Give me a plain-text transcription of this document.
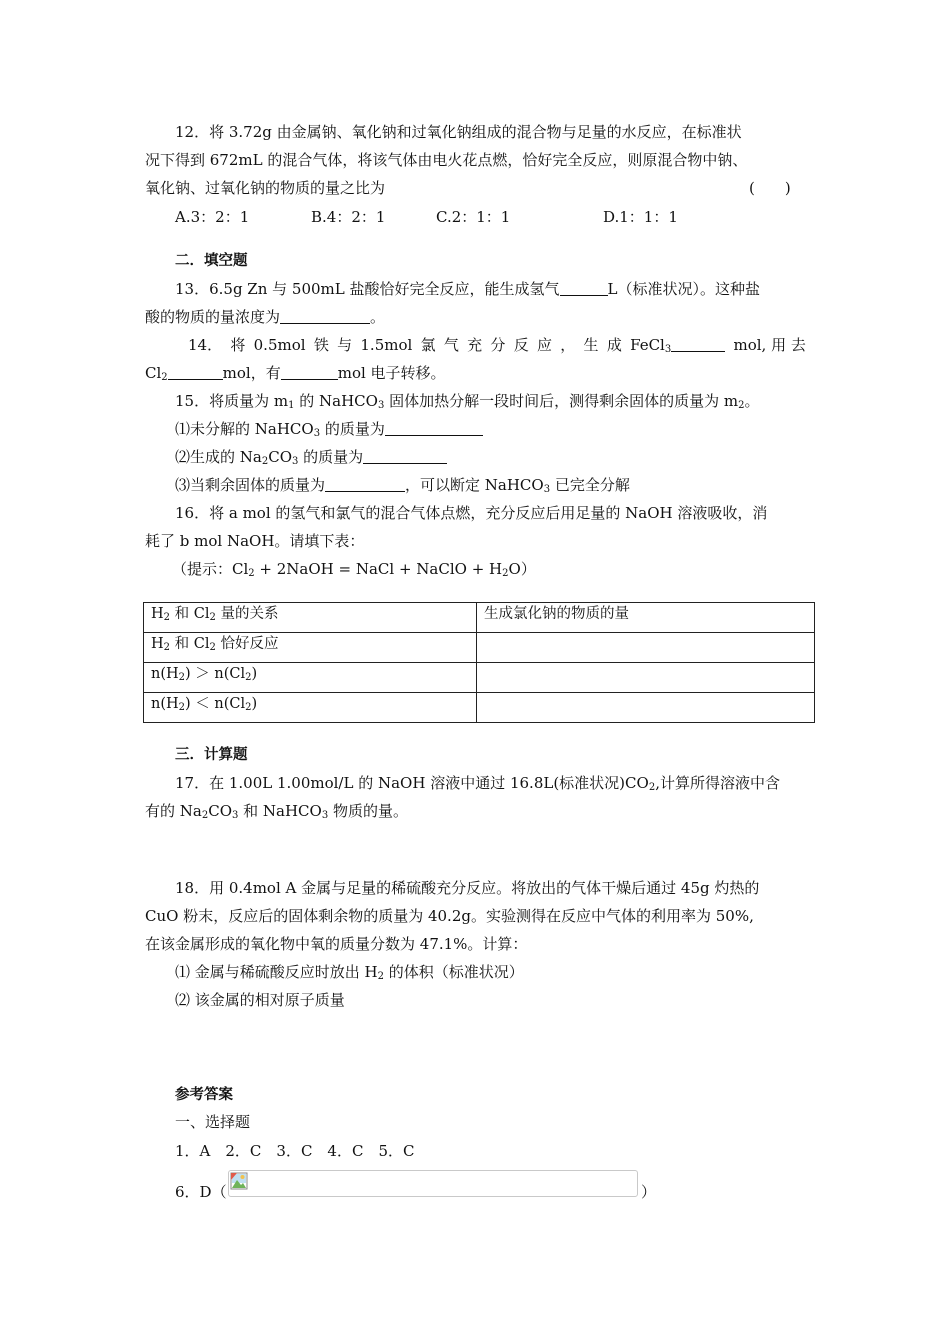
12．将 3.72g 由金属钠、氧化钠和过氧化钠组成的混合物与足量的水反应，在标准状
况下得到 672mL 的混合气体，将该气体由电火花点燃，恰好完全反应，则原混合物中钠、
氧化钠、过氧化钠的物质的量之比为	(　　)
A.3：2：1	B.4：2：1	C.2：1：1	D.1：1：1
二．填空题
13．6.5g Zn 与 500mL 盐酸恰好完全反应，能生成氢气	L（标准状况）。这种盐
酸的物质的量浓度为	。
14． 将 0.5mol 铁 与 1.5mol 氯 气 充 分 反 应 ， 生 成 FeCl$_3$	mol, 用 去
$Cl_2$	mol，有	mol 电子转移。
15．将质量为 $m_1$ 的 NaHCO$_3$ 固体加热分解一段时间后，测得剩余固体的质量为 $m_2$。
⑴未分解的 NaHCO$_3$ 的质量为
⑵生成的 $Na_2CO_3$ 的质量为
⑶当剩余固体的质量为	，可以断定 NaHCO$_3$ 已完全分解
16．将 a mol 的氢气和氯气的混合气体点燃，充分反应后用足量的 NaOH 溶液吸收，消
耗了 b mol NaOH。请填下表：
（提示：$Cl_2$ + 2NaOH = NaCl + NaClO + $H_2O$）
$H_2$ 和 $Cl_2$ 量的关系	生成氯化钠的物质的量
$H_2$ 和 $Cl_2$ 恰好反应	
$n(H_2) > n(Cl_2)$	
$n(H_2) < n(Cl_2)$	
三．计算题
17．在 1.00L 1.00mol/L 的 NaOH 溶液中通过 16.8L(标准状况)$CO_2$,计算所得溶液中含
有的 $Na_2CO_3$ 和 NaHCO$_3$ 物质的量。
18．用 0.4mol A 金属与足量的稀硫酸充分反应。将放出的气体干燥后通过 45g 灼热的
CuO 粉末，反应后的固体剩余物的质量为 40.2g。实验测得在反应中气体的利用率为 50%,
在该金属形成的氧化物中氧的质量分数为 47.1%。计算：
⑴ 金属与稀硫酸反应时放出 $H_2$ 的体积（标准状况）
⑵ 该金属的相对原子质量
参考答案
一、选择题
1．A　2．C　3．C　4．C　5．C
6．D（	）
